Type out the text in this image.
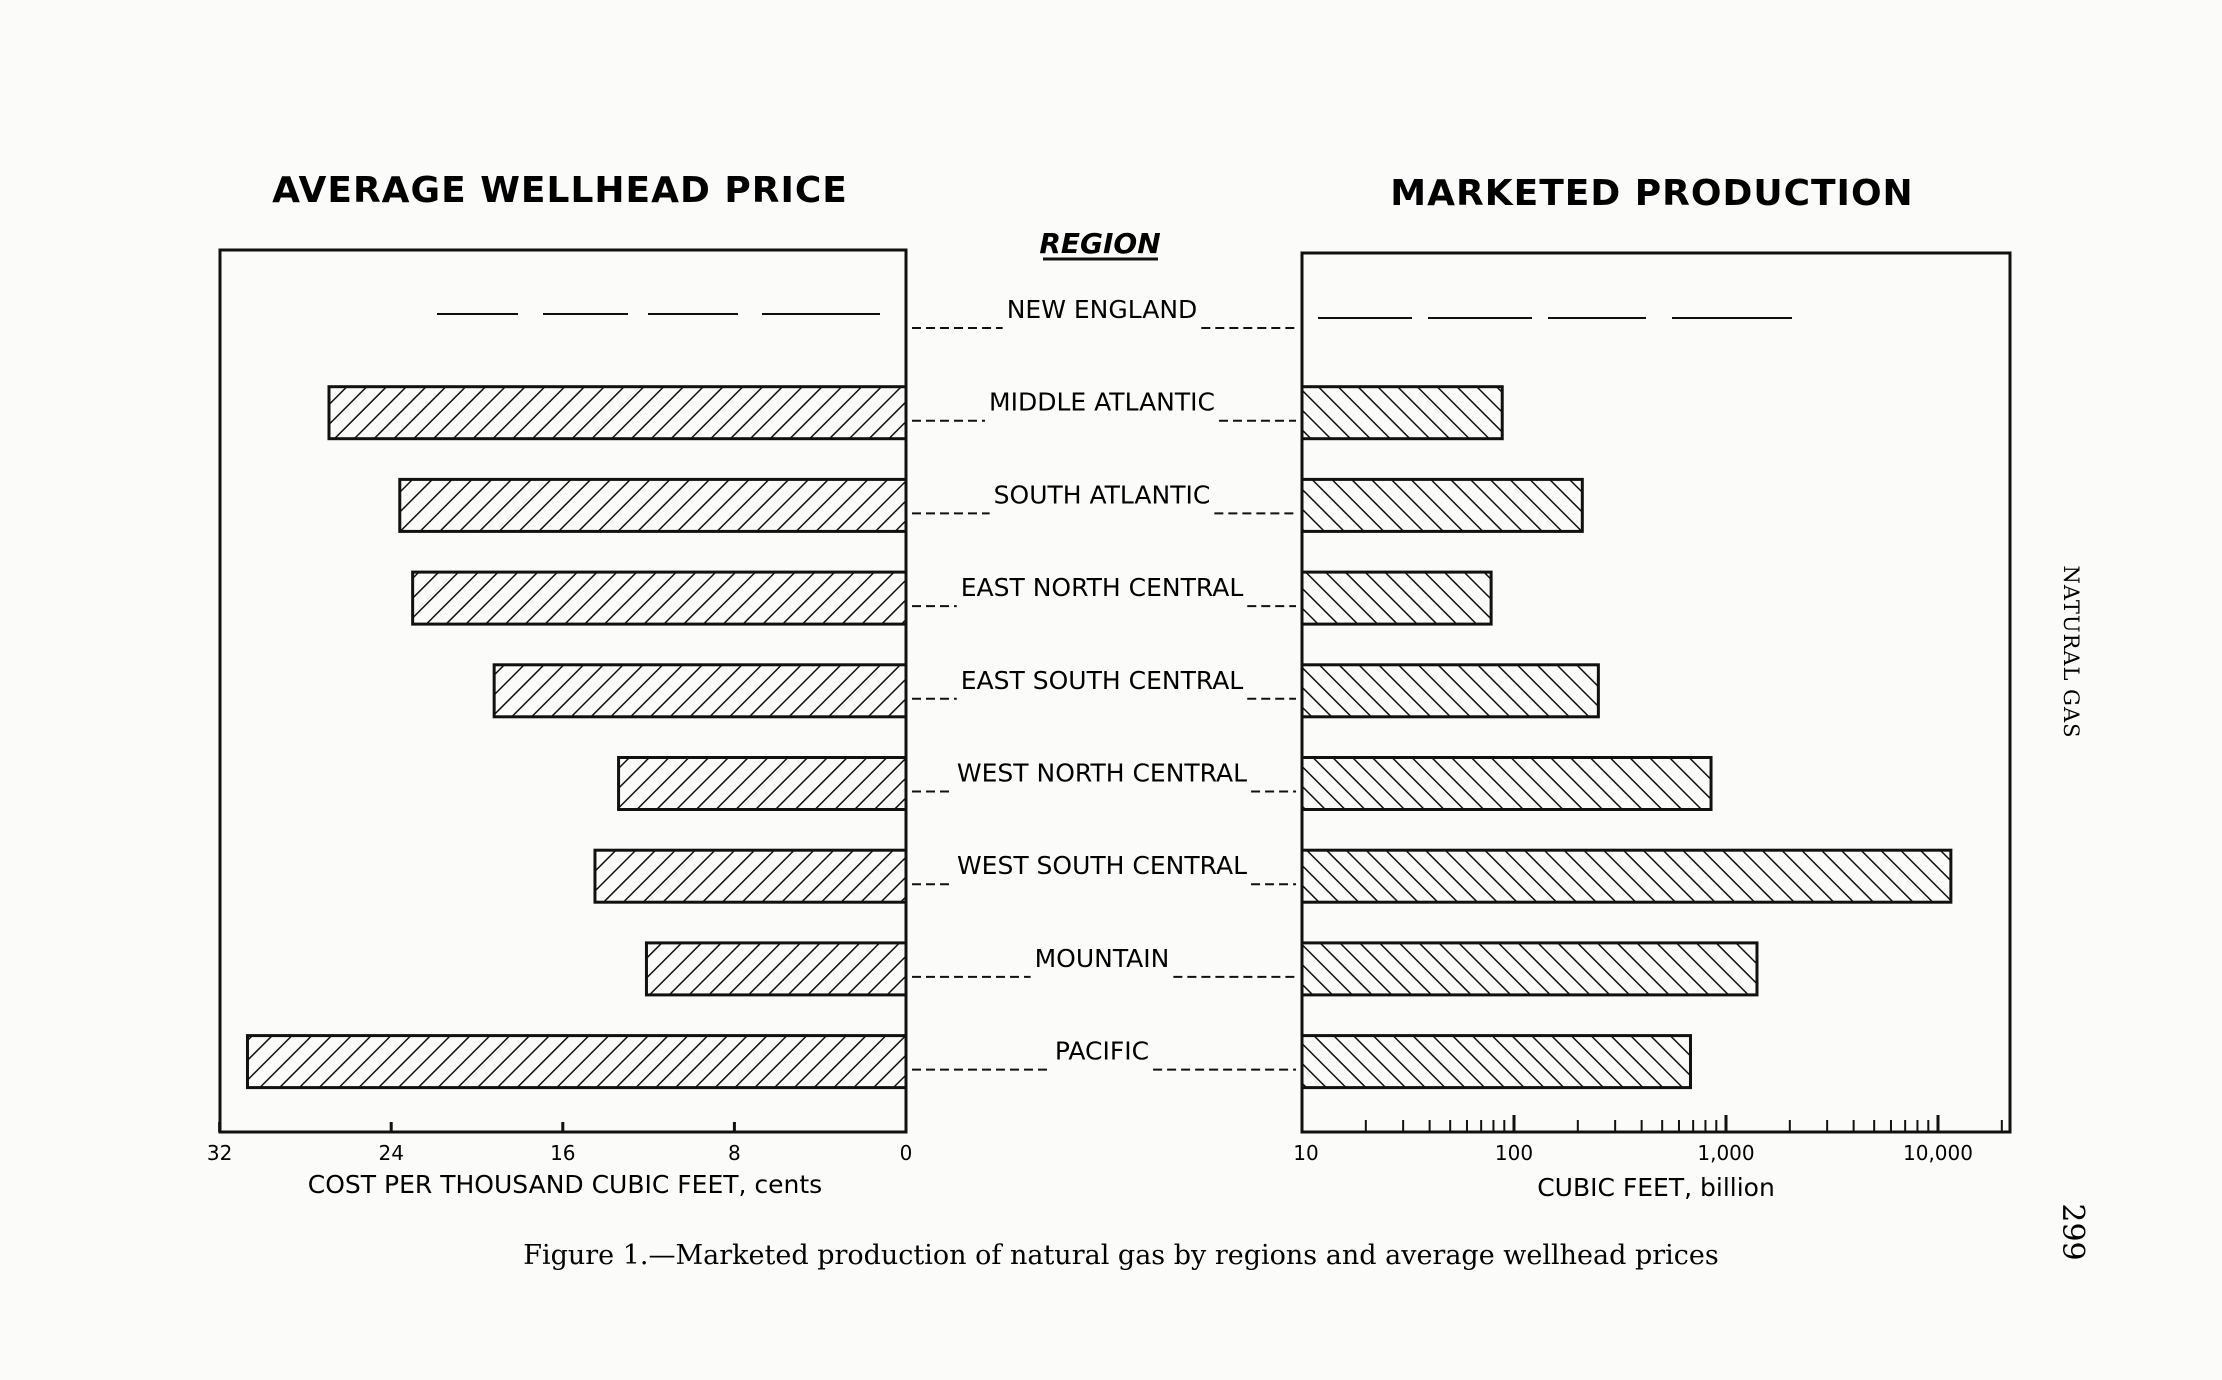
AVERAGE WELLHEAD PRICE	MARKETED PRODUCTION
REGION
NEW ENGLAND
MIDDLE ATLANTIC
SOUTH ATLANTIC
EAST NORTH CENTRAL
EAST SOUTH CENTRAL
WEST NORTH CENTRAL
WEST SOUTH CENTRAL
MOUNTAIN
PACIFIC
32	24	16	8	0	10	100	1,000	10,000
COST PER THOUSAND CUBIC FEET, cents	CUBIC FEET, billion
Figure 1.—Marketed production of natural gas by regions and average wellhead prices
NATURAL GAS
299
